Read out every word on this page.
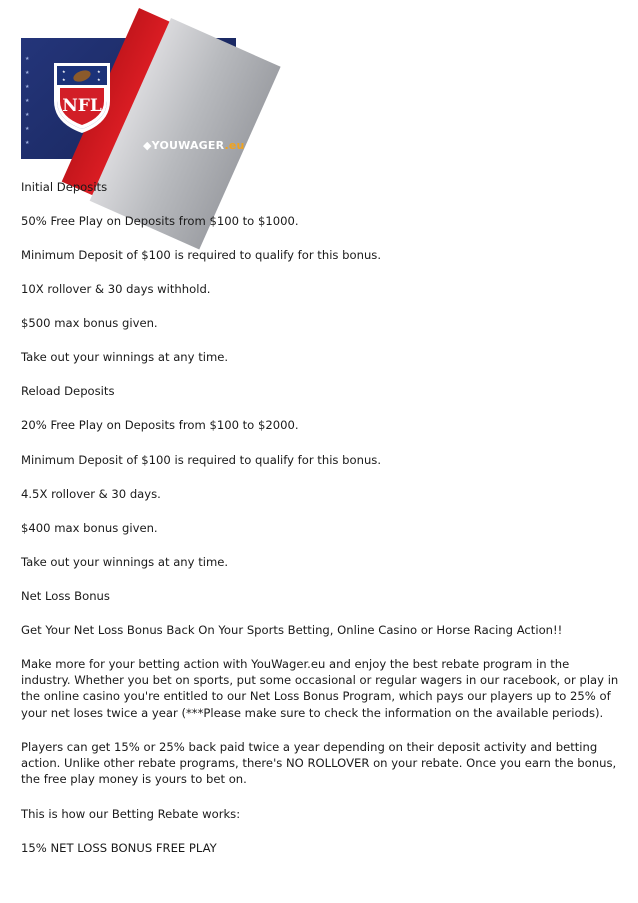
★
★
★
★
★
★
★
★
★
★
★
NFL
◆YOUWAGER.eu

Initial Deposits

50% Free Play on Deposits from $100 to $1000.

Minimum Deposit of $100 is required to qualify for this bonus.

10X rollover & 30 days withhold.

$500 max bonus given.

Take out your winnings at any time.

Reload Deposits

20% Free Play on Deposits from $100 to $2000.

Minimum Deposit of $100 is required to qualify for this bonus.

4.5X rollover & 30 days.

$400 max bonus given.

Take out your winnings at any time.

Net Loss Bonus

Get Your Net Loss Bonus Back On Your Sports Betting, Online Casino or Horse Racing Action!!

Make more for your betting action with YouWager.eu and enjoy the best rebate program in the industry. Whether you bet on sports, put some occasional or regular wagers in our racebook, or play in the online casino you're entitled to our Net Loss Bonus Program, which pays our players up to 25% of your net loses twice a year (***Please make sure to check the information on the available periods).

Players can get 15% or 25% back paid twice a year depending on their deposit activity and betting action. Unlike other rebate programs, there's NO ROLLOVER on your rebate. Once you earn the bonus, the free play money is yours to bet on.

This is how our Betting Rebate works:

15% NET LOSS BONUS FREE PLAY
